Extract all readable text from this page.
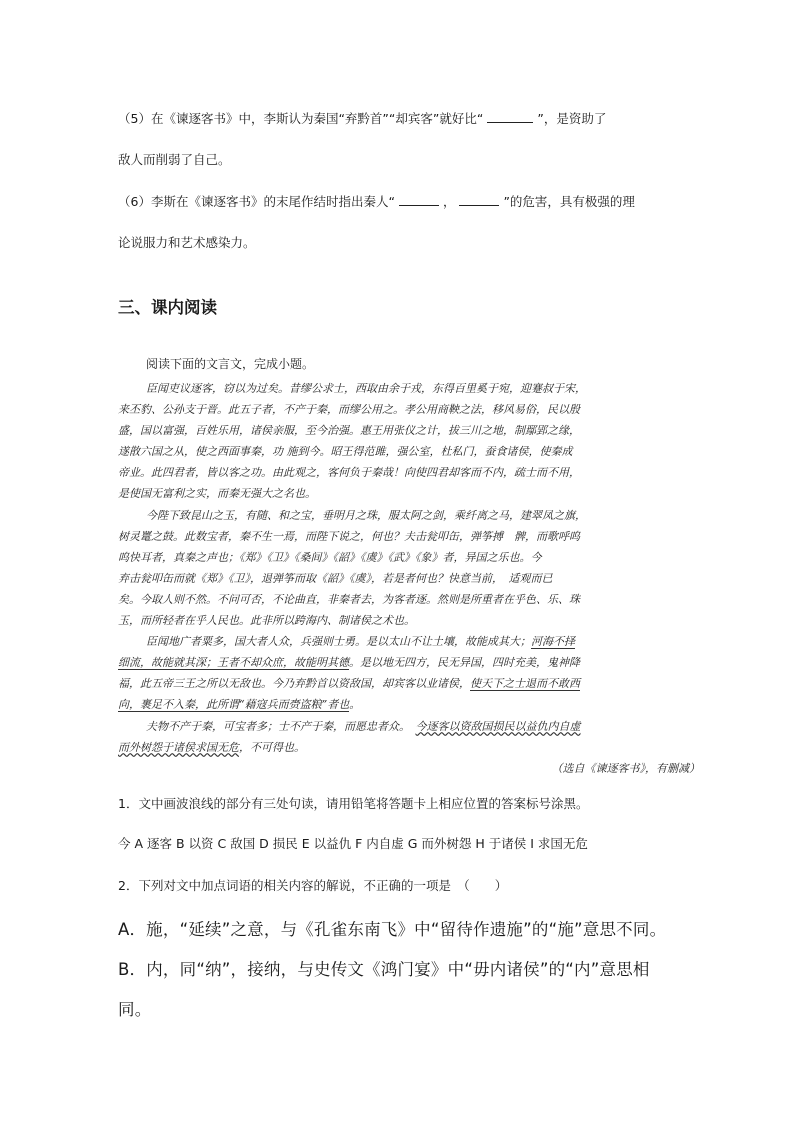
（5）在《谏逐客书》中，李斯认为秦国“弃黔首”“却宾客”就好比“	”，是资助了
敌人而削弱了自己。
（6）李斯在《谏逐客书》的末尾作结时指出秦人“	，	”的危害，具有极强的理
论说服力和艺术感染力。
三、课内阅读
阅读下面的文言文，完成小题。
臣闻吏议逐客，窃以为过矣。昔缪公求士，西取由余于戎，东得百里奚于宛，迎蹇叔于宋，
来丕豹、公孙支于晋。此五子者，不产于秦，而缪公用之。孝公用商鞅之法，移风易俗，民以殷
盛，国以富强，百姓乐用，诸侯亲服，至今治强。惠王用张仪之计，拔三川之地，制鄢郢之缘，
遂散六国之从，使之西面事秦，功 施到今。昭王得范雎，强公室，杜私门，蚕食诸侯，使秦成
帝业。此四君者，皆以客之功。由此观之，客何负于秦哉！向使四君却客而不内，疏士而不用，
是使国无富利之实，而秦无强大之名也。
今陛下致昆山之玉，有随、和之宝，垂明月之珠，服太阿之剑，乘纤离之马，建翠凤之旗，
树灵鼍之鼓。此数宝者，秦不生一焉，而陛下说之，何也？夫击瓮叩缶，弹筝搏　髀，而歌呼呜
呜快耳者，真秦之声也；《郑》《卫》《桑间》《韶》《虞》《武》《象》者，异国之乐也。今
弃击瓮叩缶而就《郑》《卫》，退弹筝而取《韶》《虞》，若是者何也？快意当前，　适观而已
矣。今取人则不然。不问可否，不论曲直，非秦者去，为客者逐。然则是所重者在乎色、乐、珠
玉，而所轻者在乎人民也。此非所以跨海内、制诸侯之术也。
臣闻地广者粟多，国大者人众，兵强则士勇。是以太山不让土壤，故能成其大；河海不择
细流，故能就其深；王者不却众庶，故能明其德。是以地无四方，民无异国，四时充美，鬼神降
福，此五帝三王之所以无敌也。今乃弃黔首以资敌国，却宾客以业诸侯，使天下之士退而不敢西
向，裹足不入秦，此所谓“藉寇兵而赍盗粮”者也。
夫物不产于秦，可宝者多；士不产于秦，而愿忠者众。　 今逐客以资敌国损民以益仇内自虚
而外树怨于诸侯求国无危，不可得也。
（选自《谏逐客书》，有删减）
1．文中画波浪线的部分有三处句读，请用铅笔将答题卡上相应位置的答案标号涂黑。
今 A 逐客 B 以资 C 敌国 D 损民 E 以益仇 F 内自虚 G 而外树怨 H 于诸侯 I 求国无危
2．下列对文中加点词语的相关内容的解说，不正确的一项是　（　　）
A．施，“延续”之意，与《孔雀东南飞》中“留待作遗施”的“施”意思不同。
B．内，同“纳”，接纳，与史传文《鸿门宴》中“毋内诸侯”的“内”意思相
同。
